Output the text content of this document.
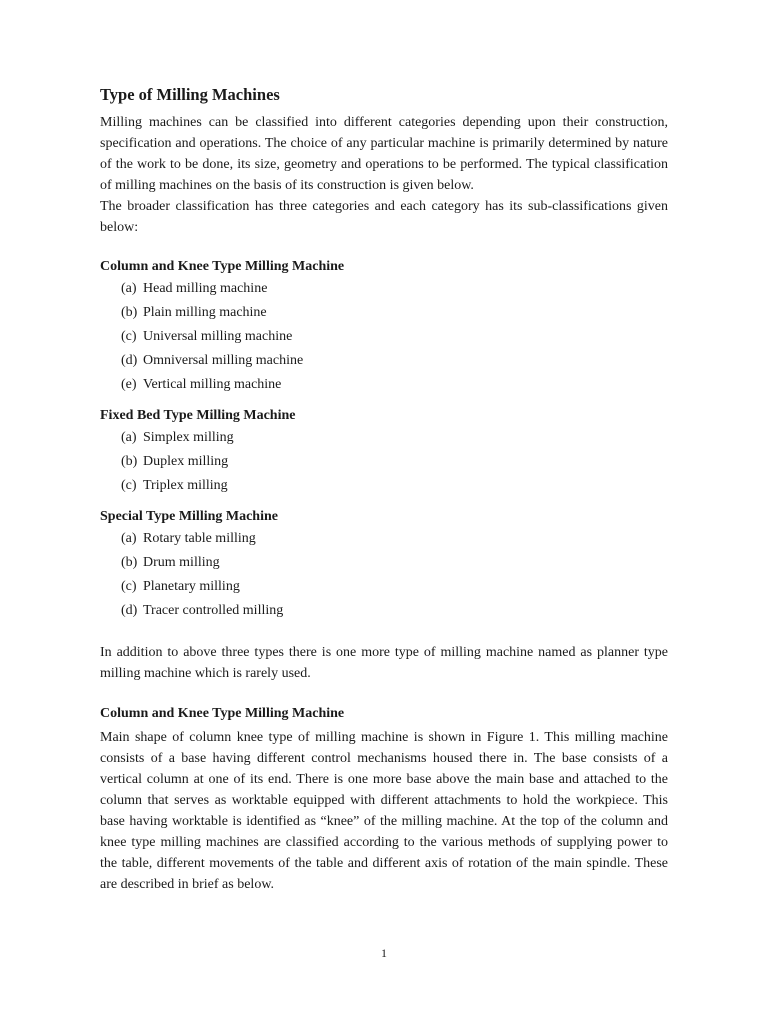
Type of Milling Machines

Milling machines can be classified into different categories depending upon their construction, specification and operations. The choice of any particular machine is primarily determined by nature of the work to be done, its size, geometry and operations to be performed. The typical classification of milling machines on the basis of its construction is given below.

The broader classification has three categories and each category has its sub-classifications given below:

Column and Knee Type Milling Machine
(a) Head milling machine
(b) Plain milling machine
(c) Universal milling machine
(d) Omniversal milling machine
(e) Vertical milling machine
Fixed Bed Type Milling Machine
(a) Simplex milling
(b) Duplex milling
(c) Triplex milling
Special Type Milling Machine
(a) Rotary table milling
(b) Drum milling
(c) Planetary milling
(d) Tracer controlled milling

In addition to above three types there is one more type of milling machine named as planner type milling machine which is rarely used.

Column and Knee Type Milling Machine

Main shape of column knee type of milling machine is shown in Figure 1. This milling machine consists of a base having different control mechanisms housed there in. The base consists of a vertical column at one of its end. There is one more base above the main base and attached to the column that serves as worktable equipped with different attachments to hold the workpiece. This base having worktable is identified as “knee” of the milling machine. At the top of the column and knee type milling machines are classified according to the various methods of supplying power to the table, different movements of the table and different axis of rotation of the main spindle. These are described in brief as below.

1
